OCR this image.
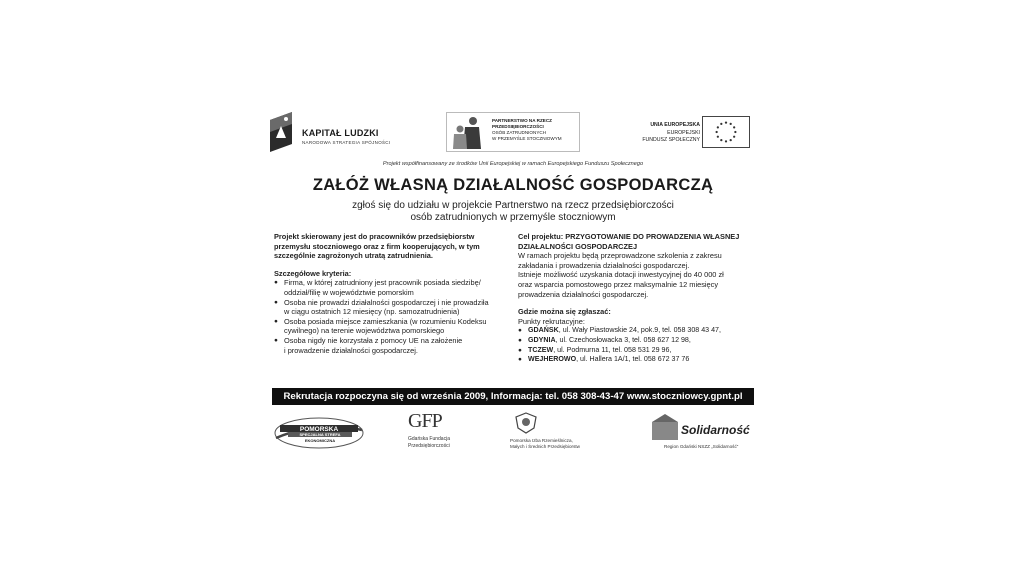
KAPITAŁ LUDZKI
NARODOWA STRATEGIA SPÓJNOŚCI
PARTNERSTWO NA RZECZ
PRZEDSIĘBIORCZOŚCI
OSÓB ZATRUDNIONYCH
W PRZEMYŚLE STOCZNIOWYM
UNIA EUROPEJSKA
EUROPEJSKI
FUNDUSZ SPOŁECZNY
Projekt współfinansowany ze środków Unii Europejskiej w ramach Europejskiego Funduszu Społecznego
ZAŁÓŻ WŁASNĄ DZIAŁALNOŚĆ GOSPODARCZĄ
zgłoś się do udziału w projekcie Partnerstwo na rzecz przedsiębiorczości
osób zatrudnionych w przemyśle stoczniowym
Projekt skierowany jest do pracowników przedsiębiorstw
przemysłu stoczniowego oraz z firm kooperujących, w tym
szczególnie zagrożonych utratą zatrudnienia.
Szczegółowe kryteria:
● Firma, w której zatrudniony jest pracownik posiada siedzibę/
oddział/filię w województwie pomorskim
● Osoba nie prowadzi działalności gospodarczej i nie prowadziła
w ciągu ostatnich 12 miesięcy (np. samozatrudnienia)
● Osoba posiada miejsce zamieszkania (w rozumieniu Kodeksu
cywilnego) na terenie województwa pomorskiego
● Osoba nigdy nie korzystała z pomocy UE na założenie
i prowadzenie działalności gospodarczej.
Cel projektu: PRZYGOTOWANIE DO PROWADZENIA WŁASNEJ
DZIAŁALNOŚCI GOSPODARCZEJ
W ramach projektu będą przeprowadzone szkolenia z zakresu
zakładania i prowadzenia działalności gospodarczej.
Istnieje możliwość uzyskania dotacji inwestycyjnej do 40 000 zł
oraz wsparcia pomostowego przez maksymalnie 12 miesięcy
prowadzenia działalności gospodarczej.
Gdzie można się zgłaszać:
Punkty rekrutacyjne:
● GDAŃSK, ul. Wały Piastowskie 24, pok.9, tel. 058 308 43 47,
● GDYNIA, ul. Czechosłowacka 3, tel. 058 627 12 98,
● TCZEW, ul. Podmurna 11, tel. 058 531 29 96,
● WEJHEROWO, ul. Hallera 1A/1, tel. 058 672 37 76
Rekrutacja rozpoczyna się od września 2009, Informacja: tel. 058 308-43-47 www.stoczniowcy.gpnt.pl
POMORSKA
SPECJALNA STREFA
EKONOMICZNA
GFP
Gdańska Fundacja
Przedsiębiorczości
Pomorska Izba Rzemieślnicza,
Małych i Średnich Przedsiębiorstw
Solidarność
Region Gdański NSZZ „Solidarność”
